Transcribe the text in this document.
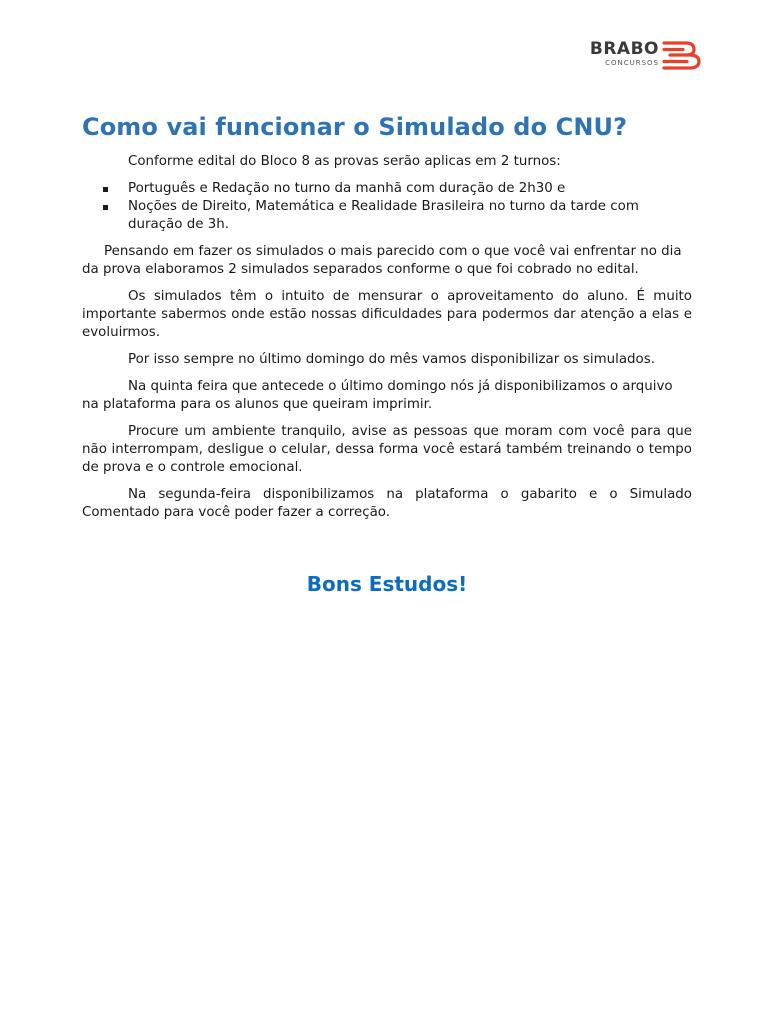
BRABO
CONCURSOS
Como vai funcionar o Simulado do CNU?

Conforme edital do Bloco 8 as provas serão aplicas em 2 turnos:

Português e Redação no turno da manhã com duração de 2h30 e
Noções de Direito, Matemática e Realidade Brasileira no turno da tarde com duração de 3h.

Pensando em fazer os simulados o mais parecido com o que você vai enfrentar no dia da prova elaboramos 2 simulados separados conforme o que foi cobrado no edital.

Os simulados têm o intuito de mensurar o aproveitamento do aluno. É muito importante sabermos onde estão nossas dificuldades para podermos dar atenção a elas e evoluirmos.

Por isso sempre no último domingo do mês vamos disponibilizar os simulados.

Na quinta feira que antecede o último domingo nós já disponibilizamos o arquivo na plataforma para os alunos que queiram imprimir.

Procure um ambiente tranquilo, avise as pessoas que moram com você para que não interrompam, desligue o celular, dessa forma você estará também treinando o tempo de prova e o controle emocional.

Na segunda-feira disponibilizamos na plataforma o gabarito e o Simulado Comentado para você poder fazer a correção.

Bons Estudos!
